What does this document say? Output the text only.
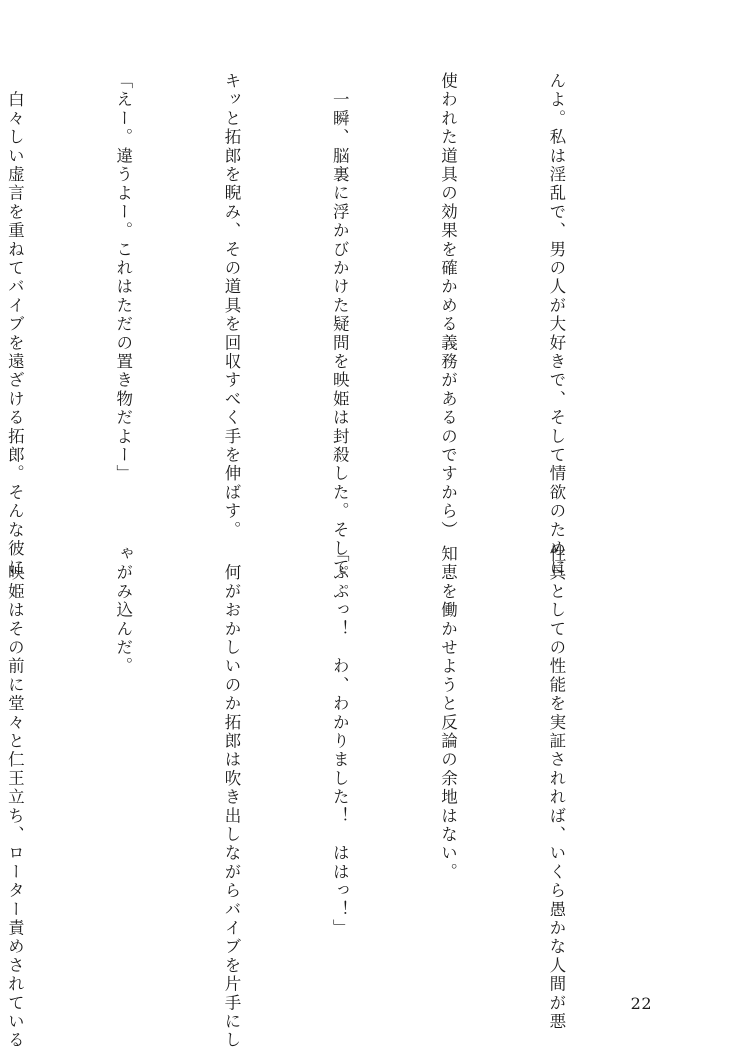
んよ。私は淫乱で、男の人が大好きで、そして情欲のために

使われた道具の効果を確かめる義務があるのですから）

　一瞬、脳裏に浮かびかけた疑問を映姫は封殺した。そして

キッと拓郎を睨み、その道具を回収すべく手を伸ばす。

「えー。違うよー。これはただの置き物だよー」

　白々しい虚言を重ねてバイブを遠ざける拓郎。そんな彼に

性具としての性能を実証されれば、いくら愚かな人間が悪

知恵を働かせようと反論の余地はない。

「ぷぷっ！　わ、わかりました！　ははっ！」

　何がおかしいのか拓郎は吹き出しながらバイブを片手にし

ゃがみ込んだ。

　映姫はその前に堂々と仁王立ち、ローター責めされている

	22
